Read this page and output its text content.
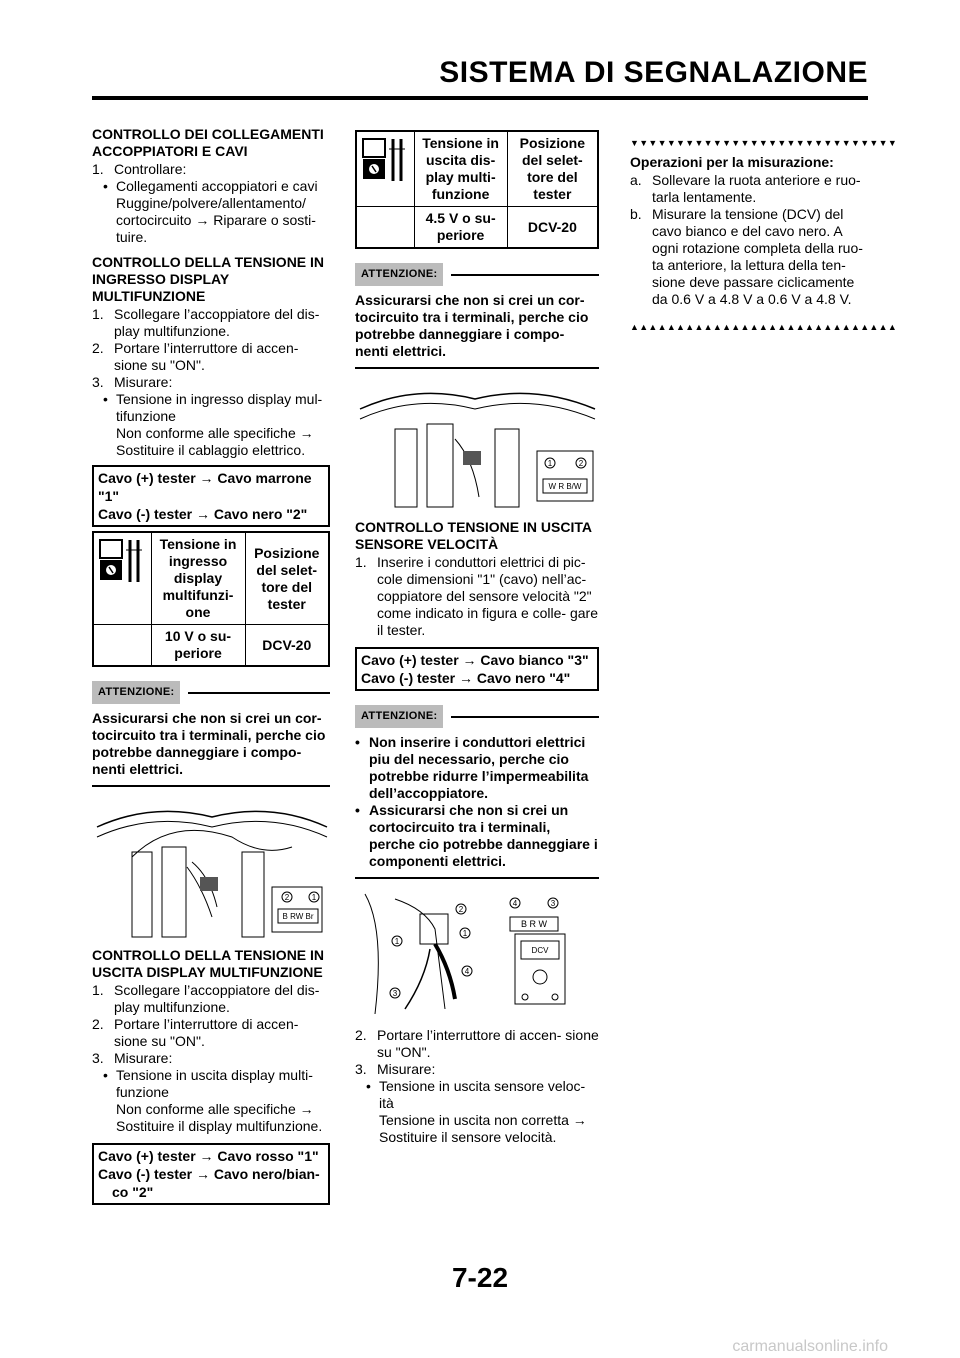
SISTEMA DI SEGNALAZIONE
CONTROLLO DEI COLLEGAMENTI ACCOPPIATORI E CAVI
1. Controllare:
• Collegamenti accoppiatori e cavi Ruggine/polvere/allentamento/ cortocircuito → Riparare o sosti- tuire.
CONTROLLO DELLA TENSIONE IN INGRESSO DISPLAY MULTIFUNZIONE
1. Scollegare l’accoppiatore del dis- play multifunzione.
2. Portare l’interruttore di accen- sione su "ON".
3. Misurare:
• Tensione in ingresso display mul- tifunzione
Non conforme alle specifiche → Sostituire il cablaggio elettrico.
Cavo (+) tester → Cavo marrone "1"
Cavo (-) tester → Cavo nero "2"
	Tensione in ingresso display multifunzi- one	Posizione del selet- tore del tester
	10 V o su- periore	DCV-20
ATTENZIONE:
Assicurarsi che non si crei un cor- tocircuito tra i terminali, perche cio potrebbe danneggiare i compo- nenti elettrici.
2	1
B RW Br
CONTROLLO DELLA TENSIONE IN USCITA DISPLAY MULTIFUNZIONE
1. Scollegare l’accoppiatore del dis- play multifunzione.
2. Portare l’interruttore di accen- sione su "ON".
3. Misurare:
• Tensione in uscita display multi- funzione
Non conforme alle specifiche → Sostituire il display multifunzione.
Cavo (+) tester → Cavo rosso "1"
Cavo (-) tester → Cavo nero/bian-
co "2"
	Tensione in uscita dis- play multi- funzione	Posizione del selet- tore del tester
	4.5 V o su- periore	DCV-20
ATTENZIONE:
Assicurarsi che non si crei un cor- tocircuito tra i terminali, perche cio potrebbe danneggiare i compo- nenti elettrici.
1	2
W R B/W
CONTROLLO TENSIONE IN USCITA SENSORE VELOCITÀ
1. Inserire i conduttori elettrici di pic- cole dimensioni "1" (cavo) nell’ac- coppiatore del sensore velocità "2" come indicato in figura e colle- gare il tester.
Cavo (+) tester → Cavo bianco "3"
Cavo (-) tester → Cavo nero "4"
ATTENZIONE:
• Non inserire i conduttori elettrici piu del necessario, perche cio potrebbe ridurre l’impermeabilita dell’accoppiatore.
• Assicurarsi che non si crei un cortocircuito tra i terminali, perche cio potrebbe danneggiare i componenti elettrici.
2
1
1
4
3
4	3
B R W
DCV
2. Portare l’interruttore di accen- sione su "ON".
3. Misurare:
• Tensione in uscita sensore veloc- ità
Tensione in uscita non corretta → Sostituire il sensore velocità.
▼▼▼▼▼▼▼▼▼▼▼▼▼▼▼▼▼▼▼▼▼▼▼▼▼▼▼▼▼
Operazioni per la misurazione:
a. Sollevare la ruota anteriore e ruo- tarla lentamente.
b. Misurare la tensione (DCV) del cavo bianco e del cavo nero. A ogni rotazione completa della ruo- ta anteriore, la lettura della ten- sione deve passare ciclicamente da 0.6 V a 4.8 V a 0.6 V a 4.8 V.
▲▲▲▲▲▲▲▲▲▲▲▲▲▲▲▲▲▲▲▲▲▲▲▲▲▲▲▲▲
7-22
carmanualsonline.info
